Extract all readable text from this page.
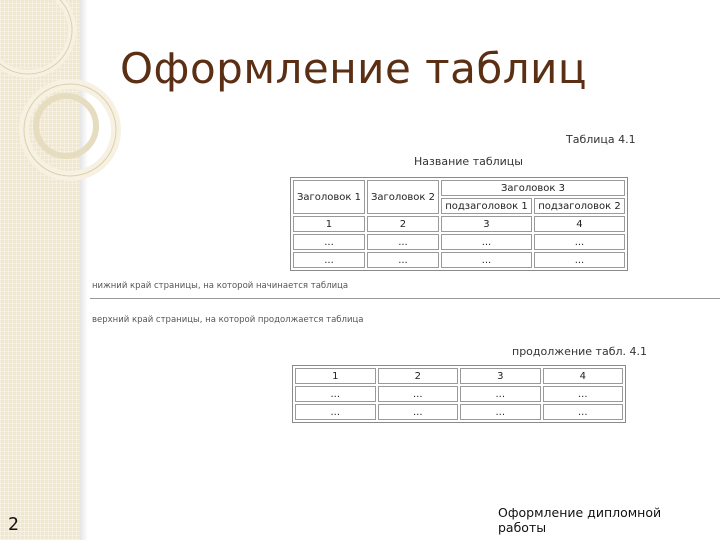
Оформление таблиц
Таблица 4.1
Название таблицы
Заголовок 1	Заголовок 2	Заголовок 3	
		подзаголовок 1	подзаголовок 2
1	2	3	4
...	...	...	...
...	...	...	...
нижний край страницы, на которой начинается таблица
верхний край страницы, на которой продолжается таблица
продолжение табл. 4.1
1	2	3	4
...	...	...	...
...	...	...	...
2
Оформление дипломной работы
